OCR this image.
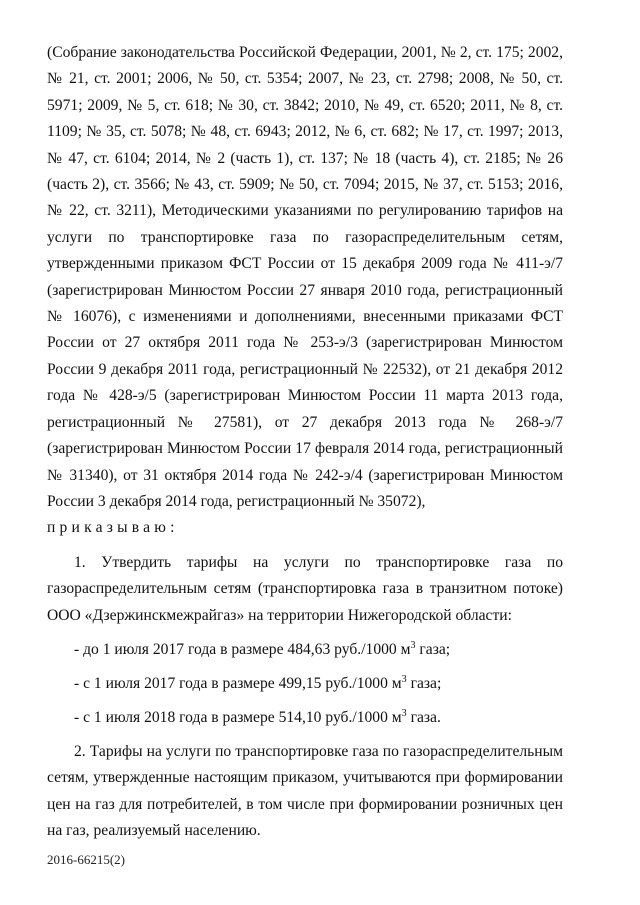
(Собрание законодательства Российской Федерации, 2001, № 2, ст. 175; 2002, № 21, ст. 2001; 2006, № 50, ст. 5354; 2007, № 23, ст. 2798; 2008, № 50, ст. 5971; 2009, № 5, ст. 618; № 30, ст. 3842; 2010, № 49, ст. 6520; 2011, № 8, ст. 1109; № 35, ст. 5078; № 48, ст. 6943; 2012, № 6, ст. 682; № 17, ст. 1997; 2013, № 47, ст. 6104; 2014, № 2 (часть 1), ст. 137; № 18 (часть 4), ст. 2185; № 26 (часть 2), ст. 3566; № 43, ст. 5909; № 50, ст. 7094; 2015, № 37, ст. 5153; 2016, № 22, ст. 3211), Методическими указаниями по регулированию тарифов на услуги по транспортировке газа по газораспределительным сетям, утвержденными приказом ФСТ России от 15 декабря 2009 года № 411-э/7 (зарегистрирован Минюстом России 27 января 2010 года, регистрационный № 16076), с изменениями и дополнениями, внесенными приказами ФСТ России от 27 октября 2011 года № 253-э/3 (зарегистрирован Минюстом России 9 декабря 2011 года, регистрационный № 22532), от 21 декабря 2012 года № 428-э/5 (зарегистрирован Минюстом России 11 марта 2013 года, регистрационный № 27581), от 27 декабря 2013 года № 268-э/7 (зарегистрирован Минюстом России 17 февраля 2014 года, регистрационный № 31340), от 31 октября 2014 года № 242-э/4 (зарегистрирован Минюстом России 3 декабря 2014 года, регистрационный № 35072),

приказываю:

1. Утвердить тарифы на услуги по транспортировке газа по газораспределительным сетям (транспортировка газа в транзитном потоке) ООО «Дзержинскмежрайгаз» на территории Нижегородской области:

- до 1 июля 2017 года в размере 484,63 руб./1000 $м^3$ газа;
- с 1 июля 2017 года в размере 499,15 руб./1000 $м^3$ газа;
- с 1 июля 2018 года в размере 514,10 руб./1000 $м^3$ газа.

2. Тарифы на услуги по транспортировке газа по газораспределительным сетям, утвержденные настоящим приказом, учитываются при формировании цен на газ для потребителей, в том числе при формировании розничных цен на газ, реализуемый населению.

2016-66215(2)
